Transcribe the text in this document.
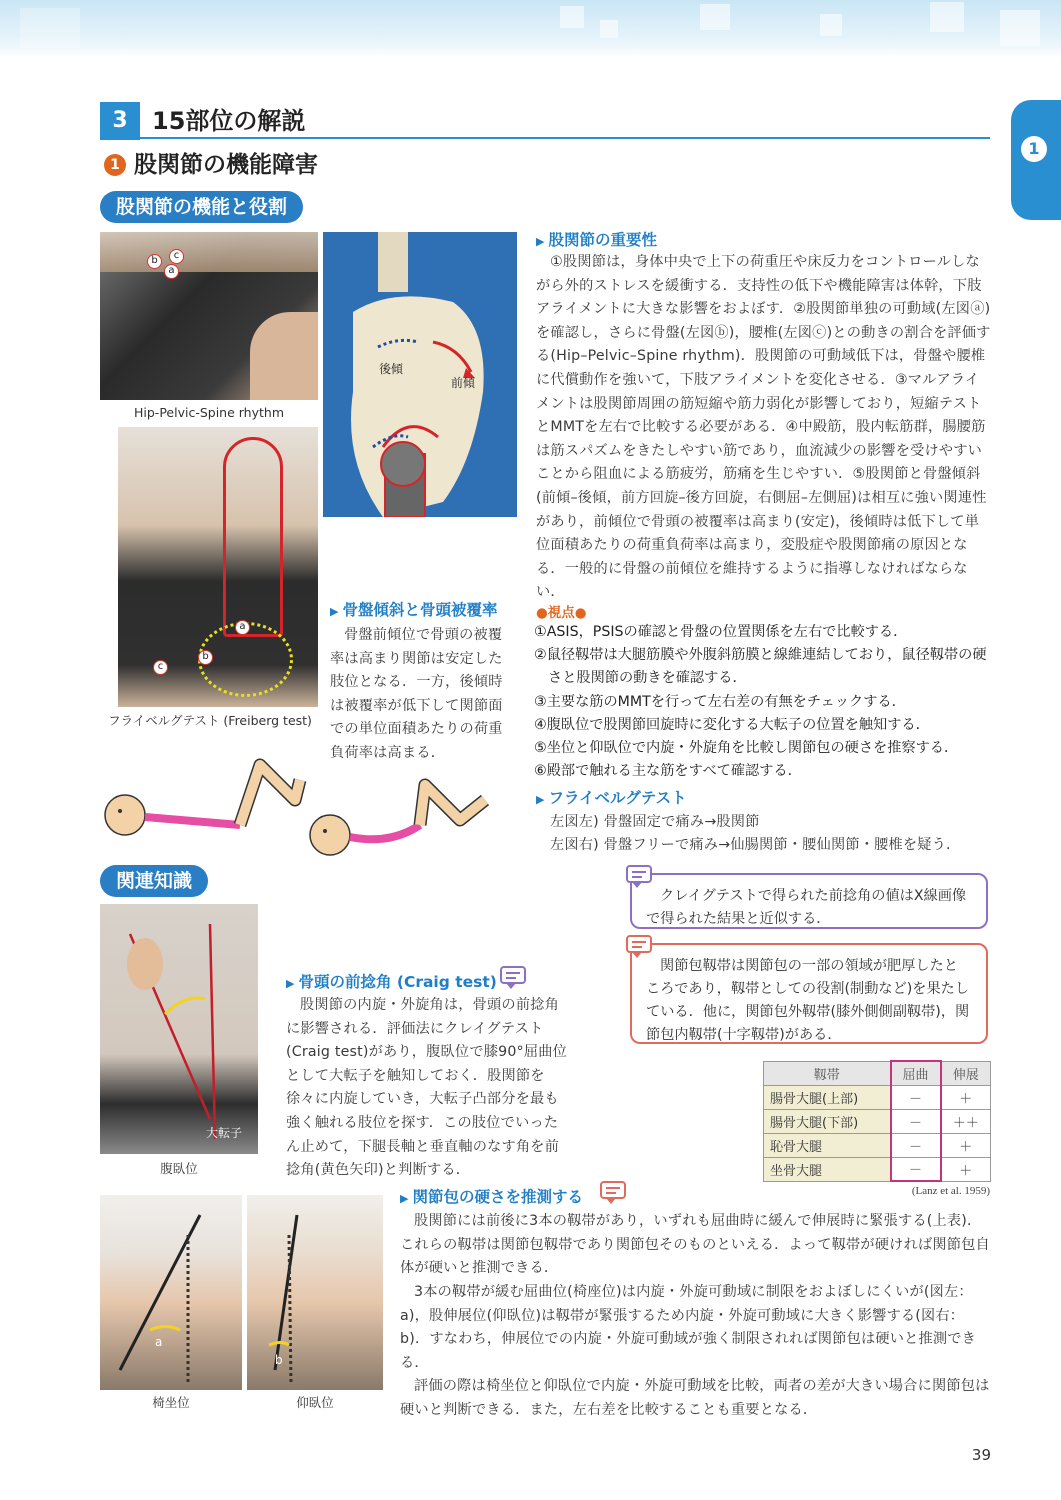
1
股関節
3	15部位の解説
1 股関節の機能障害
股関節の機能と役割
b	c
a
Hip-Pelvic-Spine rhythm
後傾
前傾
a
b
c
フライベルグテスト (Freiberg test)
▶ 骨盤傾斜と骨頭被覆率
骨盤前傾位で骨頭の被覆率は高まり関節は安定した肢位となる．一方，後傾時は被覆率が低下して関節面での単位面積あたりの荷重負荷率は高まる．
▶ 股関節の重要性
①股関節は，身体中央で上下の荷重圧や床反力をコントロールしながら外的ストレスを緩衝する．支持性の低下や機能障害は体幹，下肢アライメントに大きな影響をおよぼす．②股関節単独の可動域(左図ⓐ)を確認し，さらに骨盤(左図ⓑ)，腰椎(左図ⓒ)との動きの割合を評価する(Hip–Pelvic–Spine rhythm)．股関節の可動域低下は，骨盤や腰椎に代償動作を強いて，下肢アライメントを変化させる．③マルアライメントは股関節周囲の筋短縮や筋力弱化が影響しており，短縮テストとMMTを左右で比較する必要がある．④中殿筋，股内転筋群，腸腰筋は筋スパズムをきたしやすい筋であり，血流減少の影響を受けやすいことから阻血による筋疲労，筋痛を生じやすい．⑤股関節と骨盤傾斜(前傾–後傾，前方回旋–後方回旋，右側屈–左側屈)は相互に強い関連性があり，前傾位で骨頭の被覆率は高まり(安定)，後傾時は低下して単位面積あたりの荷重負荷率は高まり，変股症や股関節痛の原因となる．一般的に骨盤の前傾位を維持するように指導しなければならない．
●視点●
①ASIS，PSISの確認と骨盤の位置関係を左右で比較する．
②鼠径靱帯は大腿筋膜や外腹斜筋膜と線維連結しており，鼠径靱帯の硬さと股関節の動きを確認する．
③主要な筋のMMTを行って左右差の有無をチェックする．
④腹臥位で股関節回旋時に変化する大転子の位置を触知する．
⑤坐位と仰臥位で内旋・外旋角を比較し関節包の硬さを推察する．
⑥殿部で触れる主な筋をすべて確認する．
▶ フライベルグテスト
左図左) 骨盤固定で痛み→股関節
左図右) 骨盤フリーで痛み→仙腸関節・腰仙関節・腰椎を疑う．
関連知識
クレイグテストで得られた前捻角の値はX線画像で得られた結果と近似する．
関節包靱帯は関節包の一部の領域が肥厚したところであり，靱帯としての役割(制動など)を果たしている．他に，関節包外靱帯(膝外側側副靱帯)，関節包内靱帯(十字靱帯)がある．
大転子
腹臥位
▶ 骨頭の前捻角 (Craig test)
股関節の内旋・外旋角は，骨頭の前捻角に影響される．評価法にクレイグテスト(Craig test)があり，腹臥位で膝90°屈曲位として大転子を触知しておく．股関節を徐々に内旋していき，大転子凸部分を最も強く触れる肢位を探す．この肢位でいったん止めて，下腿長軸と垂直軸のなす角を前捻角(黄色矢印)と判断する．
靱帯	屈曲	伸展
腸骨大腿(上部)	－	＋
腸骨大腿(下部)	－	＋＋
恥骨大腿	－	＋
坐骨大腿	－	＋
(Lanz et al. 1959)
a
椅坐位
b
仰臥位
▶ 関節包の硬さを推測する
股関節には前後に3本の靱帯があり，いずれも屈曲時に緩んで伸展時に緊張する(上表)．これらの靱帯は関節包靱帯であり関節包そのものといえる．よって靱帯が硬ければ関節包自体が硬いと推測できる．
3本の靱帯が緩む屈曲位(椅座位)は内旋・外旋可動域に制限をおよぼしにくいが(図左：a)，股伸展位(仰臥位)は靱帯が緊張するため内旋・外旋可動域に大きく影響する(図右：b)．すなわち，伸展位での内旋・外旋可動域が強く制限されれば関節包は硬いと推測できる．
評価の際は椅坐位と仰臥位で内旋・外旋可動域を比較，両者の差が大きい場合に関節包は硬いと判断できる．また，左右差を比較することも重要となる．
39
